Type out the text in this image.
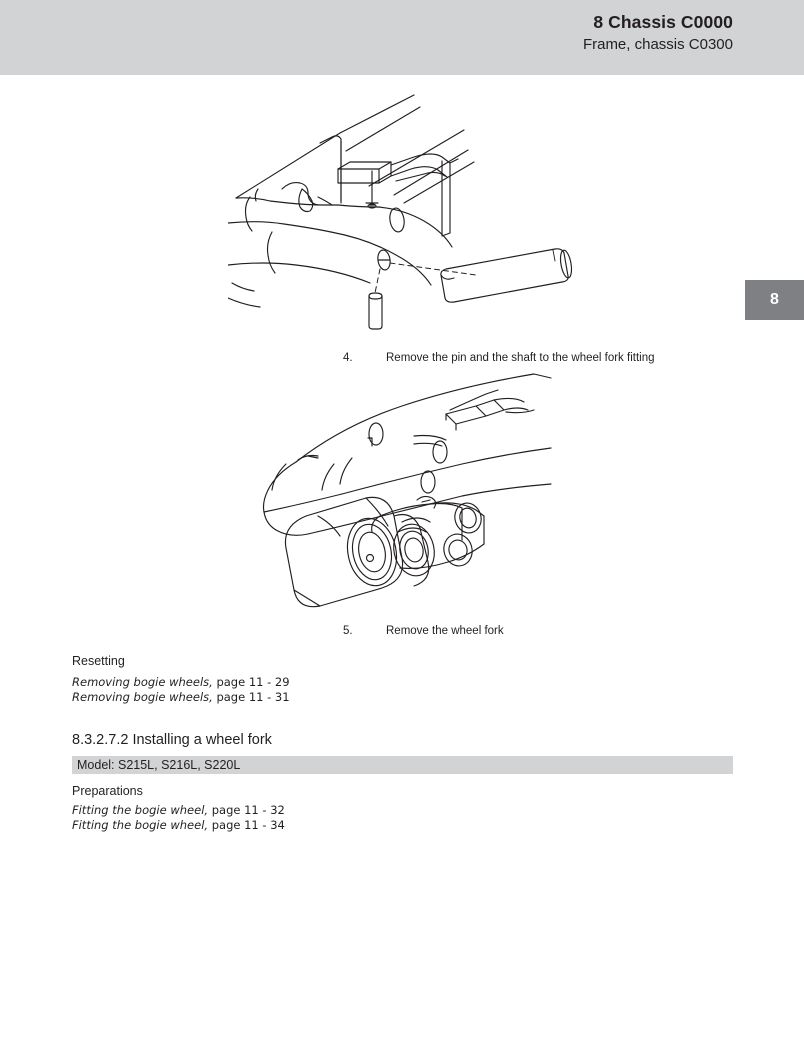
8 Chassis C0000
Frame, chassis C0300
8
4.	Remove the pin and the shaft to the wheel fork fitting
5.	Remove the wheel fork
Resetting
Removing bogie wheels, page 11 - 29
Removing bogie wheels, page 11 - 31
8.3.2.7.2 Installing a wheel fork
Model: S215L, S216L, S220L
Preparations
Fitting the bogie wheel, page 11 - 32
Fitting the bogie wheel, page 11 - 34
